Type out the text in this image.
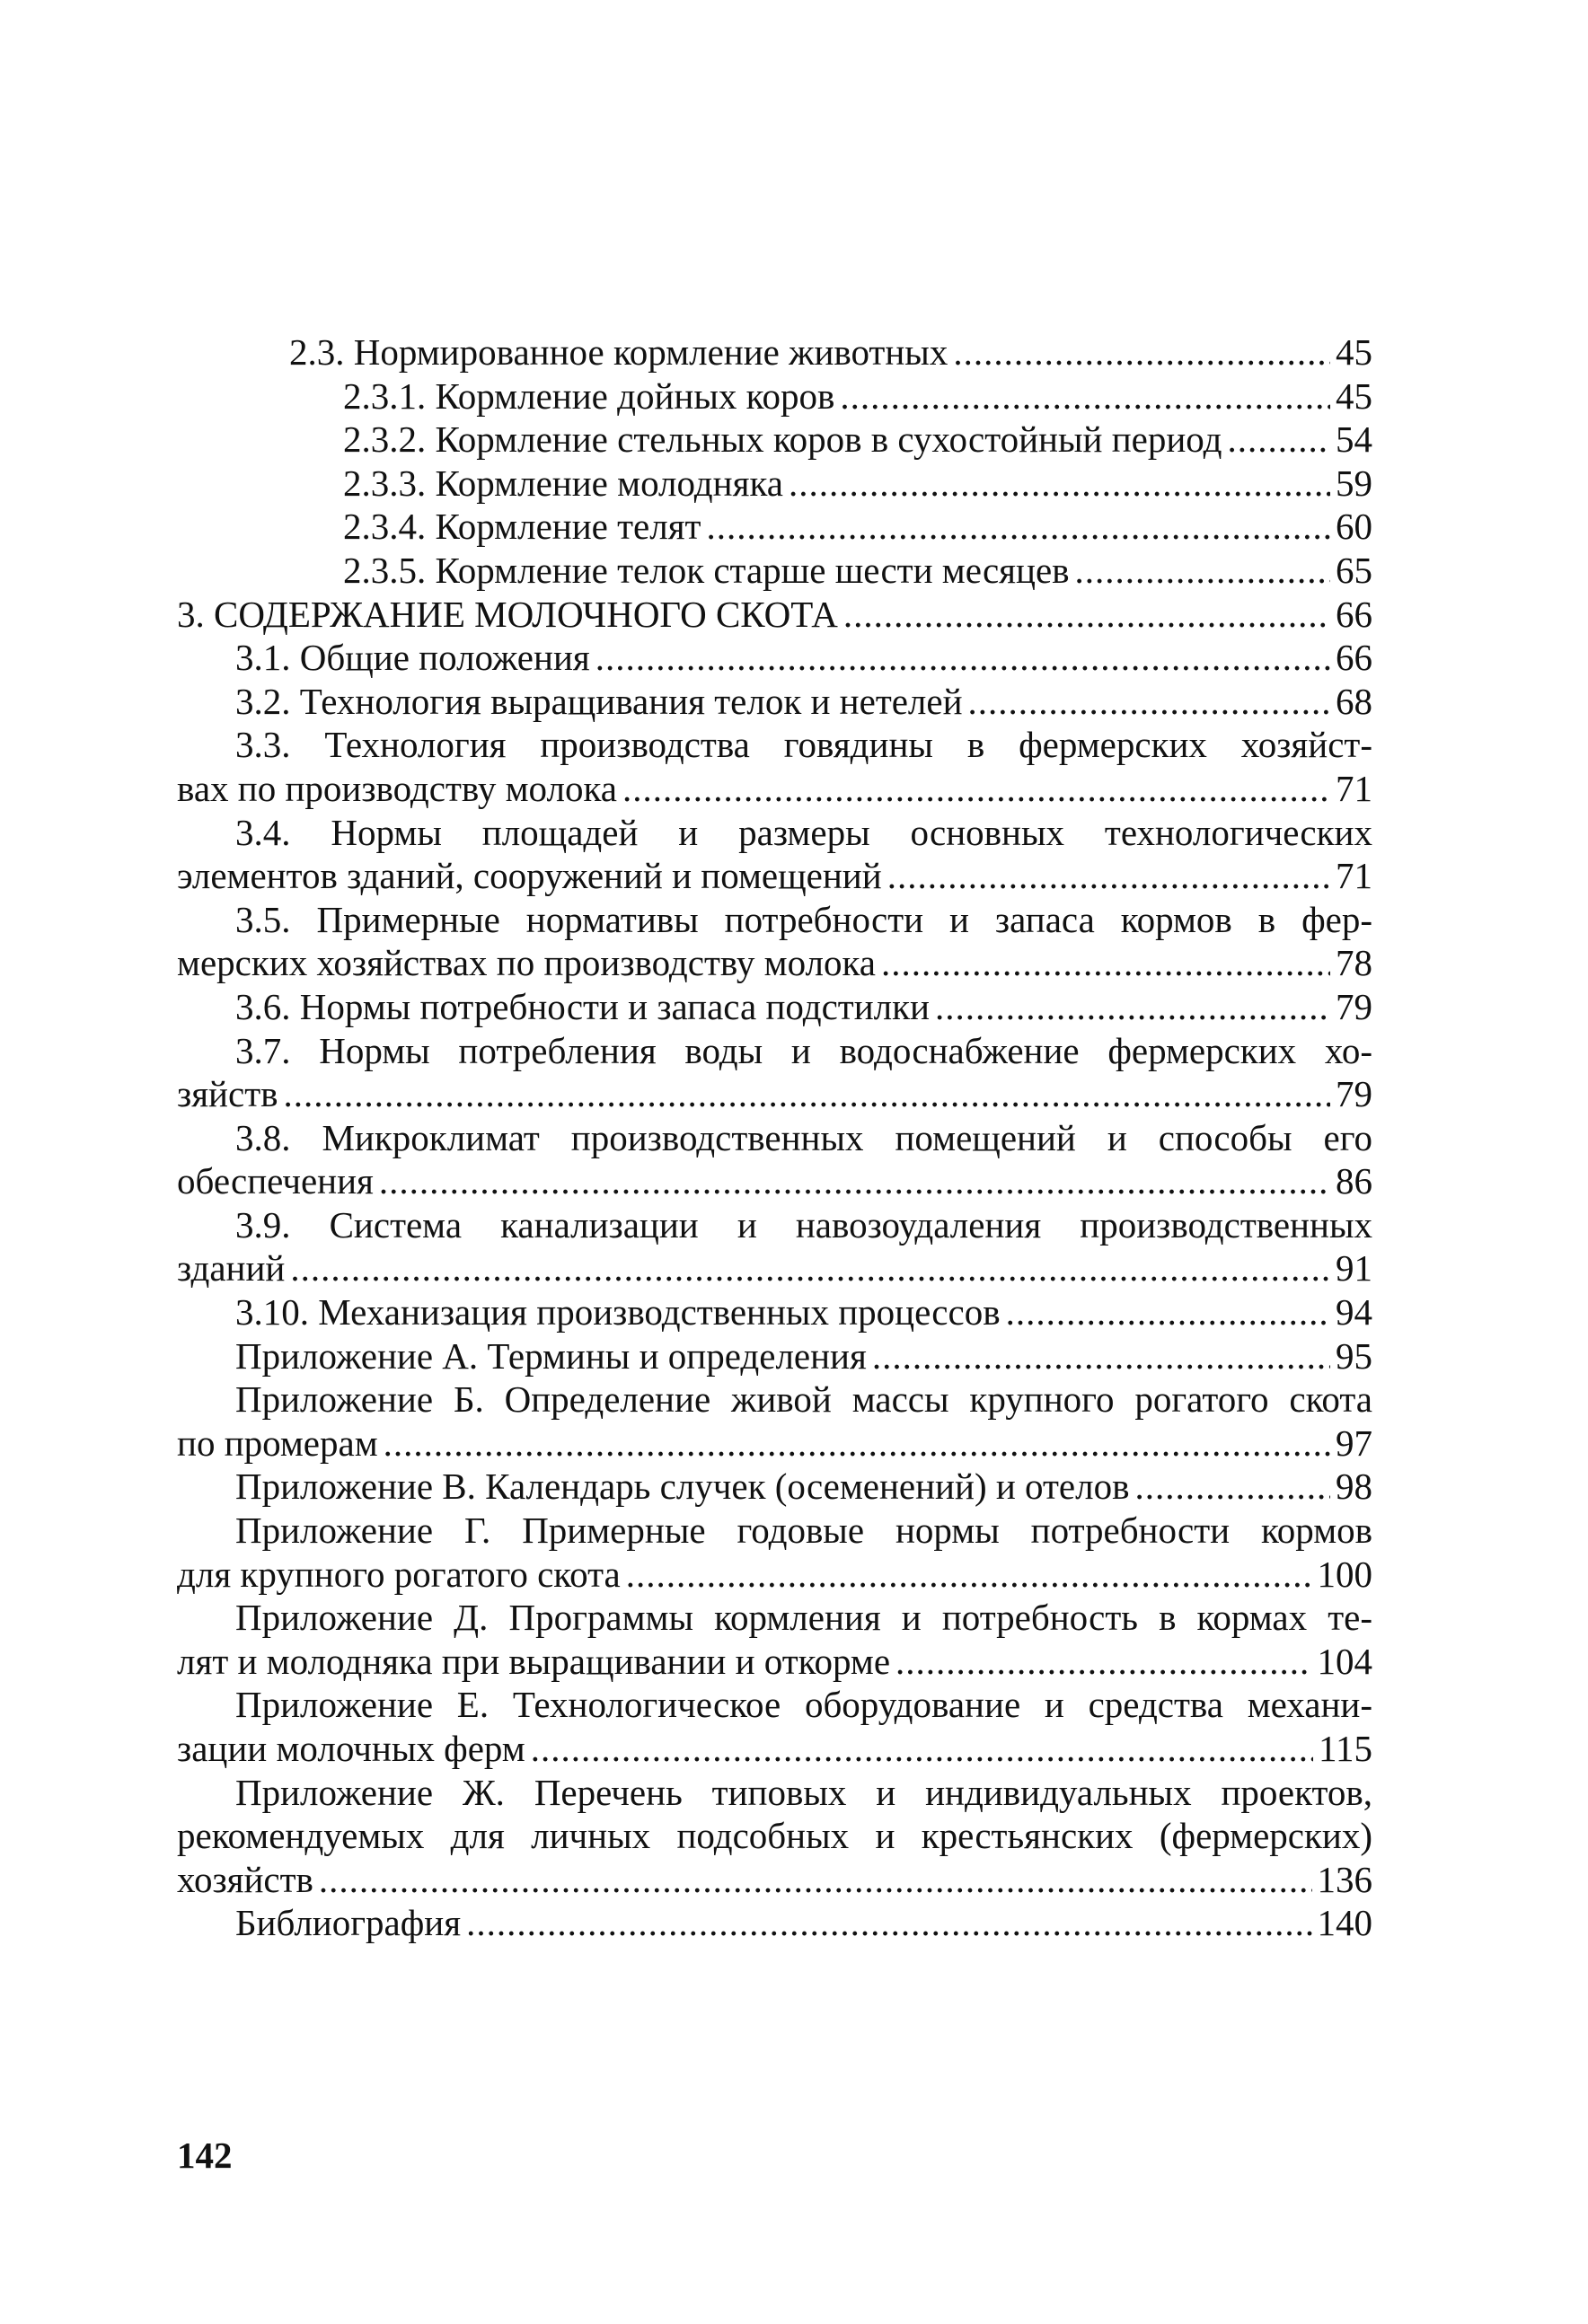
2.3. Нормированное кормление животных .....	45
2.3.1. Кормление дойных коров .....	45
2.3.2. Кормление стельных коров в сухостойный период .....	54
2.3.3. Кормление молодняка .....	59
2.3.4. Кормление телят .....	60
2.3.5. Кормление телок старше шести месяцев .....	65
3. СОДЕРЖАНИЕ МОЛОЧНОГО СКОТА .....	66
3.1. Общие положения .....	66
3.2. Технология выращивания телок и нетелей .....	68
3.3. Технология производства говядины в фермерских хозяйст-
вах по производству молока .....	71
3.4. Нормы площадей и размеры основных технологических
элементов зданий, сооружений и помещений .....	71
3.5. Примерные нормативы потребности и запаса кормов в фер-
мерских хозяйствах по производству молока .....	78
3.6. Нормы потребности и запаса подстилки .....	79
3.7. Нормы потребления воды и водоснабжение фермерских хо-
зяйств .....	79
3.8. Микроклимат производственных помещений и способы его
обеспечения .....	86
3.9. Система канализации и навозоудаления производственных
зданий .....	91
3.10. Механизация производственных процессов .....	94
Приложение А. Термины и определения .....	95
Приложение Б. Определение живой массы крупного рогатого скота
по промерам .....	97
Приложение В. Календарь случек (осеменений) и отелов .....	98
Приложение Г. Примерные годовые нормы потребности кормов
для крупного рогатого скота .....	100
Приложение Д. Программы кормления и потребность в кормах те-
лят и молодняка при выращивании и откорме .....	104
Приложение Е. Технологическое оборудование и средства механи-
зации молочных ферм .....	115
Приложение Ж. Перечень типовых и индивидуальных проектов,
рекомендуемых для личных подсобных и крестьянских (фермерских)
хозяйств .....	136
Библиография .....	140
142
